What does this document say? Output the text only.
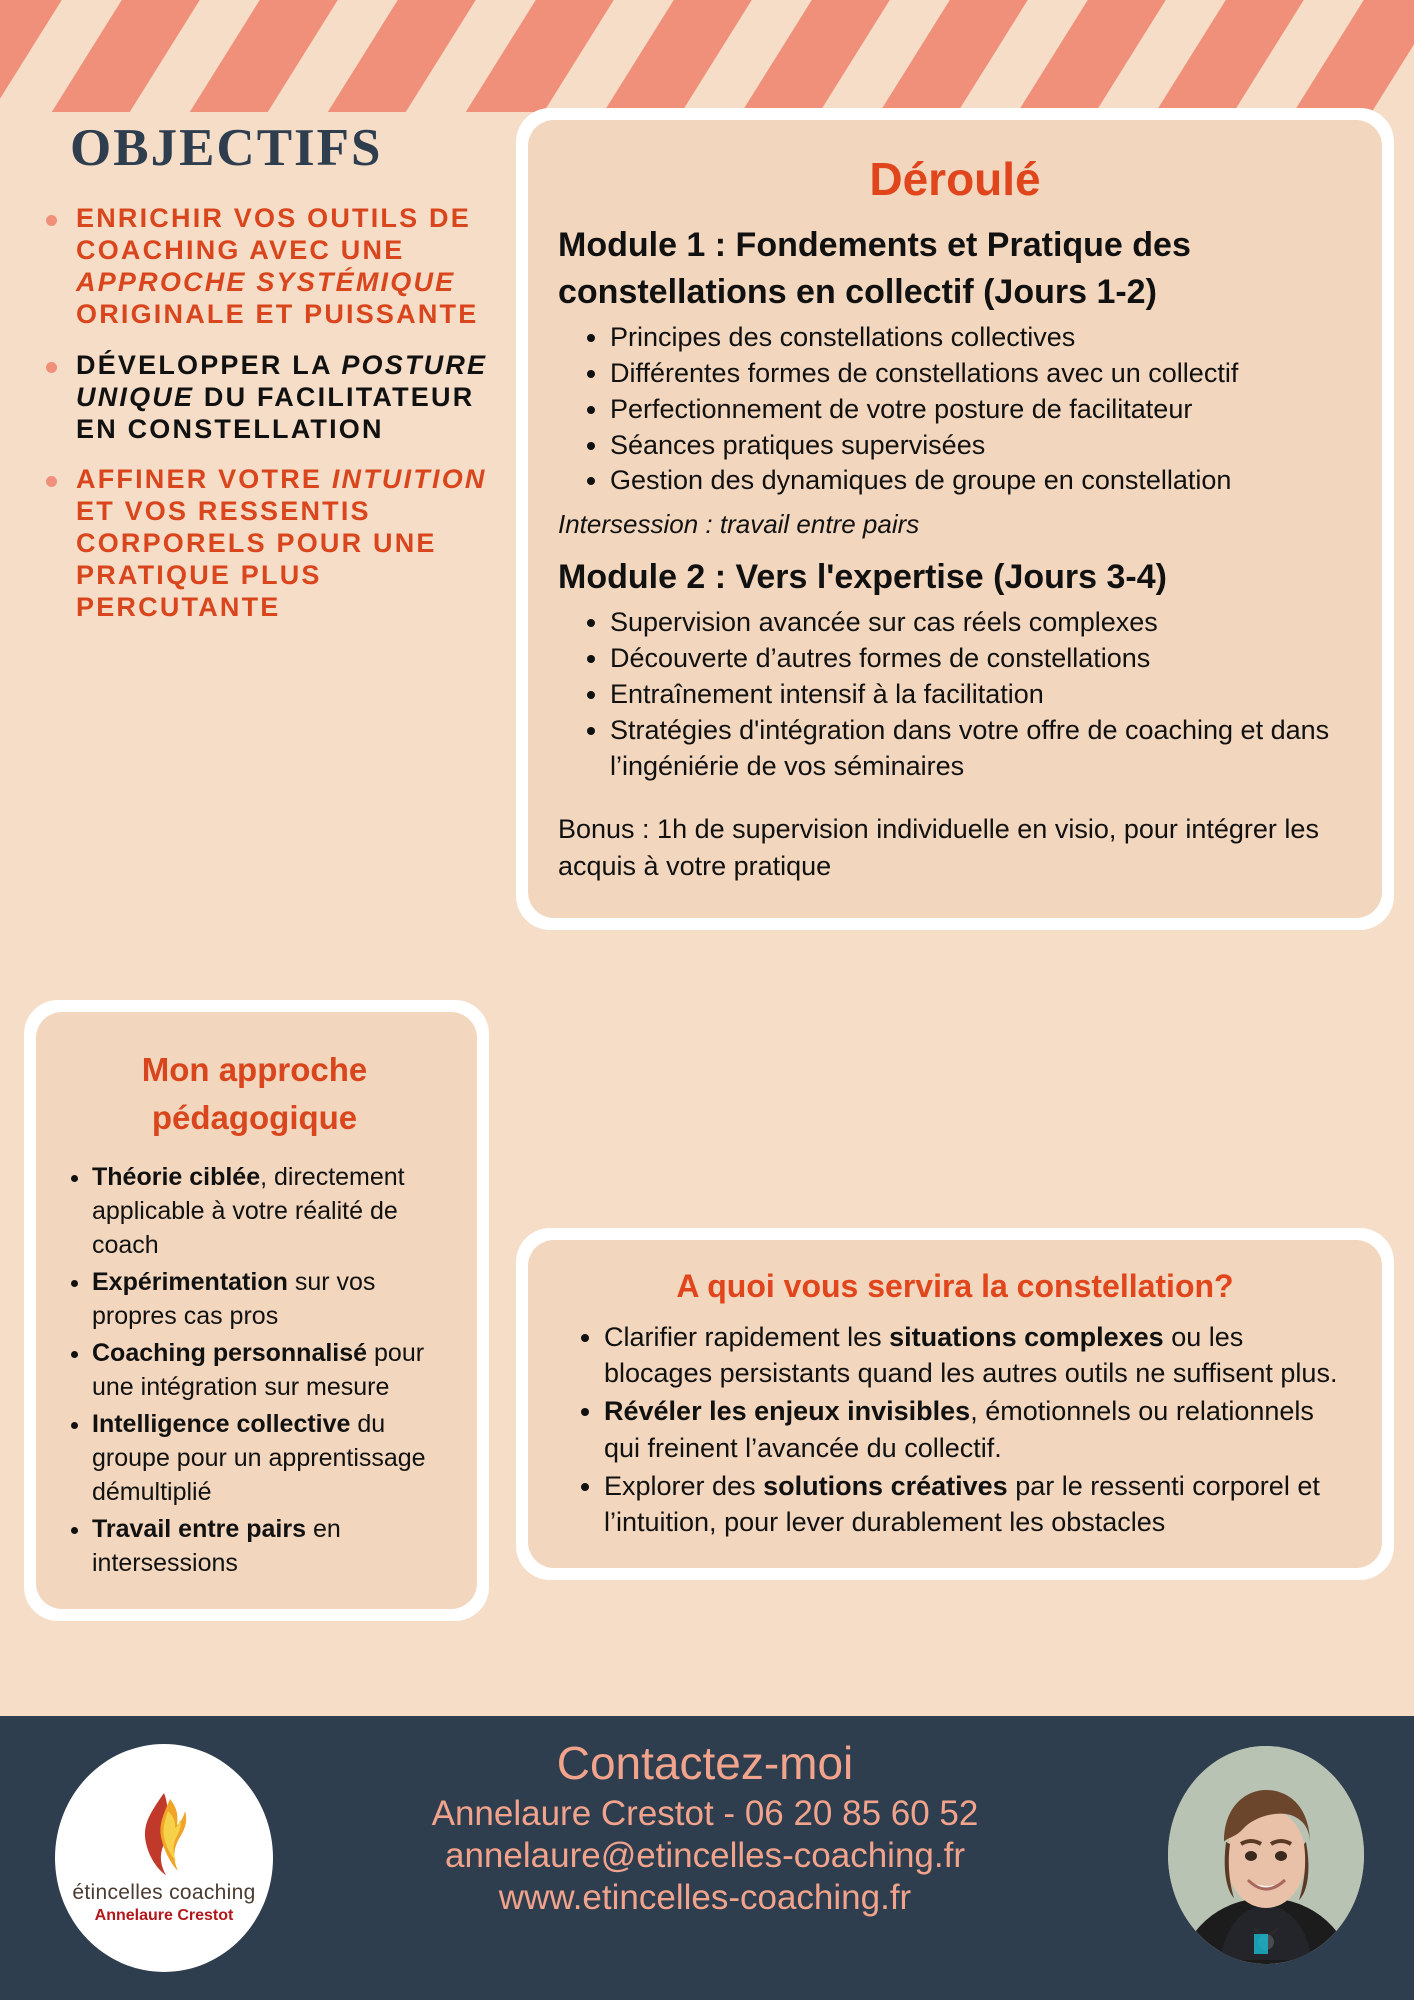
OBJECTIFS
ENRICHIR VOS OUTILS DE COACHING AVEC UNE APPROCHE SYSTÉMIQUE ORIGINALE ET PUISSANTE
DÉVELOPPER LA POSTURE UNIQUE DU FACILITATEUR EN CONSTELLATION
AFFINER VOTRE INTUITION ET VOS RESSENTIS CORPORELS POUR UNE PRATIQUE PLUS PERCUTANTE
Mon approche pédagogique
• Théorie ciblée, directement applicable à votre réalité de coach
• Expérimentation sur vos propres cas pros
• Coaching personnalisé pour une intégration sur mesure
• Intelligence collective du groupe pour un apprentissage démultiplié
• Travail entre pairs en intersessions
Déroulé

Module 1 : Fondements et Pratique des constellations en collectif (Jours 1-2)

• Principes des constellations collectives
• Différentes formes de constellations avec un collectif
• Perfectionnement de votre posture de facilitateur
• Séances pratiques supervisées
• Gestion des dynamiques de groupe en constellation

Intersession : travail entre pairs

Module 2 : Vers l'expertise (Jours 3-4)

• Supervision avancée sur cas réels complexes
• Découverte d’autres formes de constellations
• Entraînement intensif à la facilitation
• Stratégies d'intégration dans votre offre de coaching et dans l’ingéniérie de vos séminaires

Bonus : 1h de supervision individuelle en visio, pour intégrer les acquis à votre pratique

A quoi vous servira la constellation?
• Clarifier rapidement les situations complexes ou les blocages persistants quand les autres outils ne suffisent plus.
• Révéler les enjeux invisibles, émotionnels ou relationnels qui freinent l’avancée du collectif.
• Explorer des solutions créatives par le ressenti corporel et l’intuition, pour lever durablement les obstacles
étincelles coaching
Annelaure Crestot
Contactez-moi

Annelaure Crestot - 06 20 85 60 52

annelaure@etincelles-coaching.fr

www.etincelles-coaching.fr
